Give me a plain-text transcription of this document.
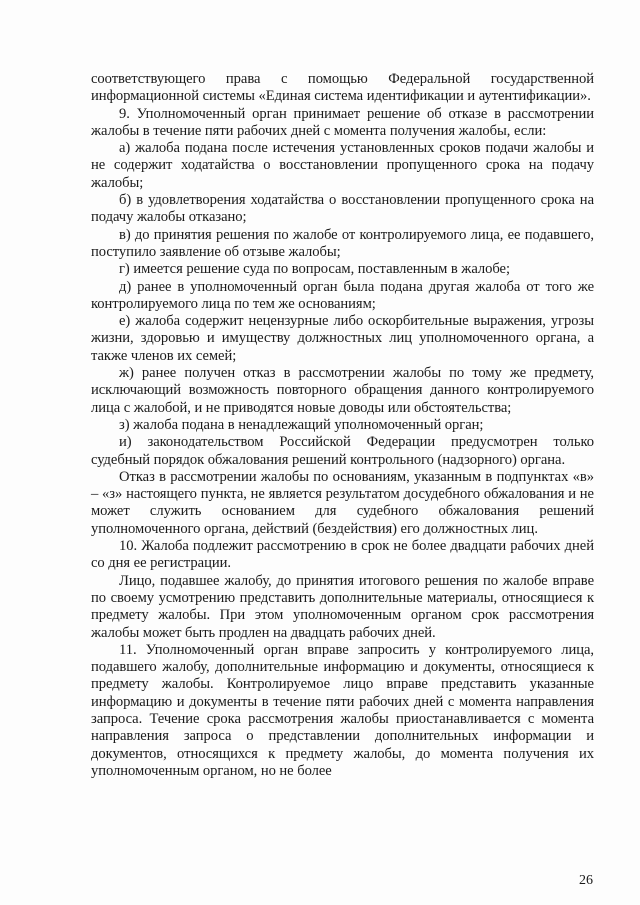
соответствующего права с помощью Федеральной государственной информационной системы «Единая система идентификации и аутентификации».

9. Уполномоченный орган принимает решение об отказе в рассмотрении жалобы в течение пяти рабочих дней с момента получения жалобы, если:

а) жалоба подана после истечения установленных сроков подачи жалобы и не содержит ходатайства о восстановлении пропущенного срока на подачу жалобы;

б) в удовлетворения ходатайства о восстановлении пропущенного срока на подачу жалобы отказано;

в) до принятия решения по жалобе от контролируемого лица, ее подавшего, поступило заявление об отзыве жалобы;

г) имеется решение суда по вопросам, поставленным в жалобе;

д) ранее в уполномоченный орган была подана другая жалоба от того же контролируемого лица по тем же основаниям;

е) жалоба содержит нецензурные либо оскорбительные выражения, угрозы жизни, здоровью и имуществу должностных лиц уполномоченного органа, а также членов их семей;

ж) ранее получен отказ в рассмотрении жалобы по тому же предмету, исключающий возможность повторного обращения данного контролируемого лица с жалобой, и не приводятся новые доводы или обстоятельства;

з) жалоба подана в ненадлежащий уполномоченный орган;

и) законодательством Российской Федерации предусмотрен только судебный порядок обжалования решений контрольного (надзорного) органа.

Отказ в рассмотрении жалобы по основаниям, указанным в подпунктах «в» – «з» настоящего пункта, не является результатом досудебного обжалования и не может служить основанием для судебного обжалования решений уполномоченного органа, действий (бездействия) его должностных лиц.

10. Жалоба подлежит рассмотрению в срок не более двадцати рабочих дней со дня ее регистрации.

Лицо, подавшее жалобу, до принятия итогового решения по жалобе вправе по своему усмотрению представить дополнительные материалы, относящиеся к предмету жалобы. При этом уполномоченным органом срок рассмотрения жалобы может быть продлен на двадцать рабочих дней.

11. Уполномоченный орган вправе запросить у контролируемого лица, подавшего жалобу, дополнительные информацию и документы, относящиеся к предмету жалобы. Контролируемое лицо вправе представить указанные информацию и документы в течение пяти рабочих дней с момента направления запроса. Течение срока рассмотрения жалобы приостанавливается с момента направления запроса о представлении дополнительных информации и документов, относящихся к предмету жалобы, до момента получения их уполномоченным органом, но не более

26
